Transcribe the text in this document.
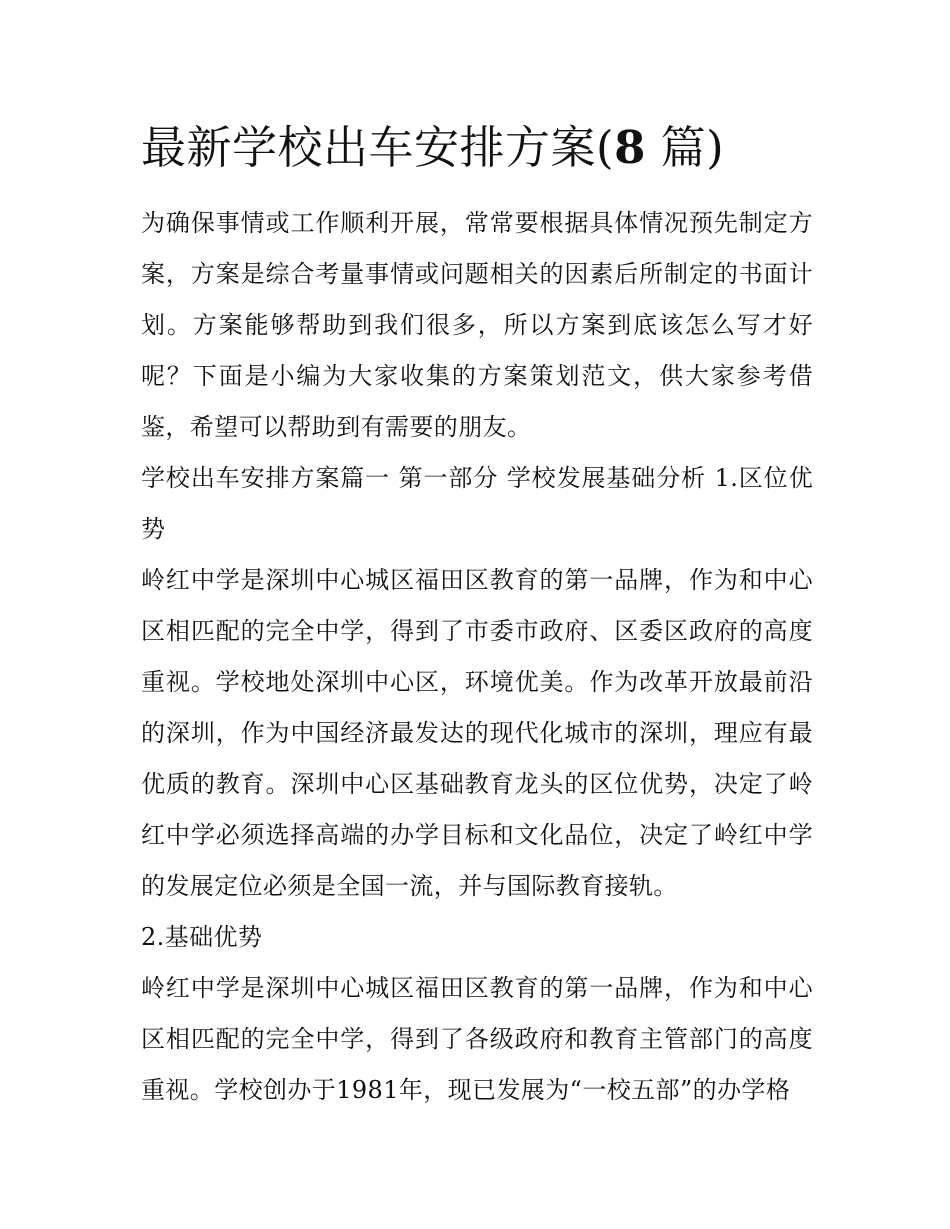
最新学校出车安排方案(8 篇)

为确保事情或工作顺利开展，常常要根据具体情况预先制定方案，方案是综合考量事情或问题相关的因素后所制定的书面计划。方案能够帮助到我们很多，所以方案到底该怎么写才好呢？下面是小编为大家收集的方案策划范文，供大家参考借鉴，希望可以帮助到有需要的朋友。

学校出车安排方案篇一 第一部分 学校发展基础分析 1.区位优势

岭红中学是深圳中心城区福田区教育的第一品牌，作为和中心区相匹配的完全中学，得到了市委市政府、区委区政府的高度重视。学校地处深圳中心区，环境优美。作为改革开放最前沿的深圳，作为中国经济最发达的现代化城市的深圳，理应有最优质的教育。深圳中心区基础教育龙头的区位优势，决定了岭红中学必须选择高端的办学目标和文化品位，决定了岭红中学的发展定位必须是全国一流，并与国际教育接轨。

2.基础优势

岭红中学是深圳中心城区福田区教育的第一品牌，作为和中心区相匹配的完全中学，得到了各级政府和教育主管部门的高度重视。学校创办于1981年，现已发展为“一校五部”的办学格
